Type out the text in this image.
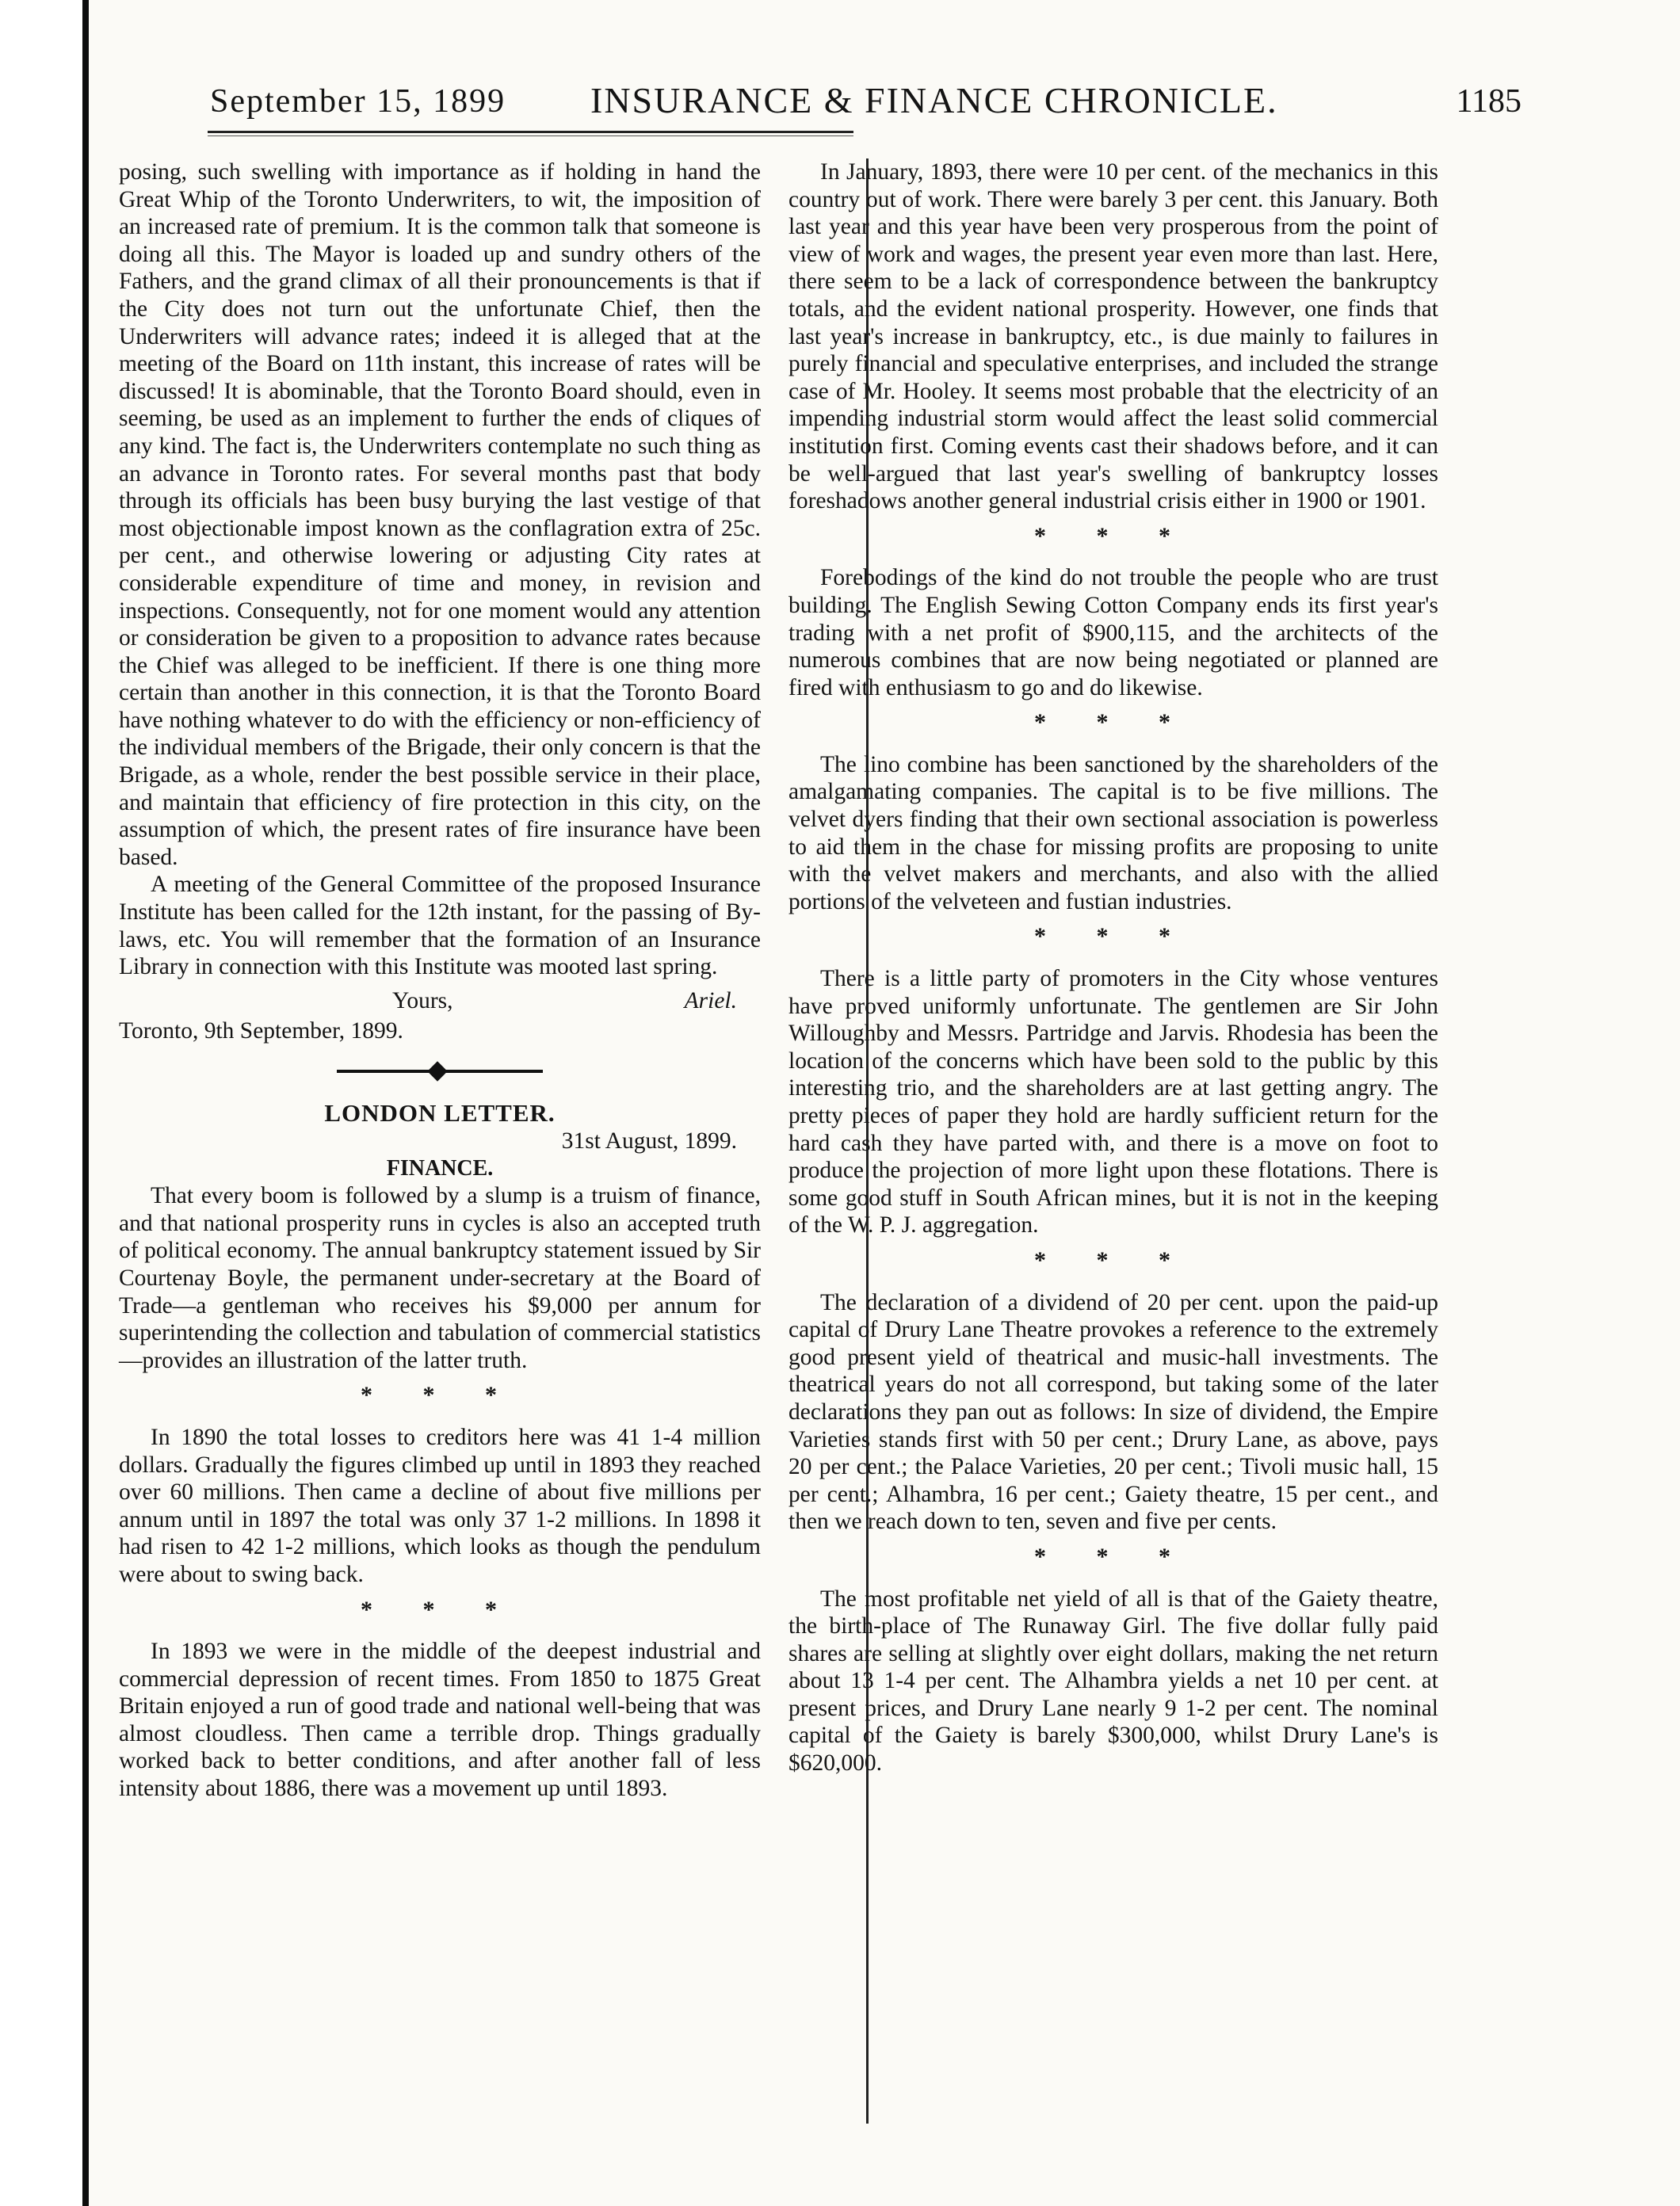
September 15, 1899 INSURANCE & FINANCE CHRONICLE.	1185

posing, such swelling with importance as if holding in hand the Great Whip of the Toronto Underwriters, to wit, the imposition of an increased rate of premium. It is the common talk that someone is doing all this. The Mayor is loaded up and sundry others of the Fathers, and the grand climax of all their pronouncements is that if the City does not turn out the unfortunate Chief, then the Underwriters will advance rates; indeed it is alleged that at the meeting of the Board on 11th instant, this increase of rates will be discussed! It is abominable, that the Toronto Board should, even in seeming, be used as an implement to further the ends of cliques of any kind. The fact is, the Underwriters contemplate no such thing as an advance in Toronto rates. For several months past that body through its officials has been busy burying the last vestige of that most objectionable impost known as the conflagration extra of 25c. per cent., and otherwise lowering or adjusting City rates at considerable expenditure of time and money, in revision and inspections. Consequently, not for one moment would any attention or consideration be given to a proposition to advance rates because the Chief was alleged to be inefficient. If there is one thing more certain than another in this connection, it is that the Toronto Board have nothing whatever to do with the efficiency or non-efficiency of the individual members of the Brigade, their only concern is that the Brigade, as a whole, render the best possible service in their place, and maintain that efficiency of fire protection in this city, on the assumption of which, the present rates of fire insurance have been based.

A meeting of the General Committee of the proposed Insurance Institute has been called for the 12th instant, for the passing of By-laws, etc. You will remember that the formation of an Insurance Library in connection with this Institute was mooted last spring.

Yours,	Ariel.

Toronto, 9th September, 1899.

LONDON LETTER.

31st August, 1899.

FINANCE.

That every boom is followed by a slump is a truism of finance, and that national prosperity runs in cycles is also an accepted truth of political economy. The annual bankruptcy statement issued by Sir Courtenay Boyle, the permanent under-secretary at the Board of Trade—a gentleman who receives his $9,000 per annum for superintending the collection and tabulation of commercial statistics—provides an illustration of the latter truth.

* * *

In 1890 the total losses to creditors here was 41 1-4 million dollars. Gradually the figures climbed up until in 1893 they reached over 60 millions. Then came a decline of about five millions per annum until in 1897 the total was only 37 1-2 millions. In 1898 it had risen to 42 1-2 millions, which looks as though the pendulum were about to swing back.

* * *

In 1893 we were in the middle of the deepest industrial and commercial depression of recent times. From 1850 to 1875 Great Britain enjoyed a run of good trade and national well-being that was almost cloudless. Then came a terrible drop. Things gradually worked back to better conditions, and after another fall of less intensity about 1886, there was a movement up until 1893.

In January, 1893, there were 10 per cent. of the mechanics in this country out of work. There were barely 3 per cent. this January. Both last year and this year have been very prosperous from the point of view of work and wages, the present year even more than last. Here, there seem to be a lack of correspondence between the bankruptcy totals, and the evident national prosperity. However, one finds that last year's increase in bankruptcy, etc., is due mainly to failures in purely financial and speculative enterprises, and included the strange case of Mr. Hooley. It seems most probable that the electricity of an impending industrial storm would affect the least solid commercial institution first. Coming events cast their shadows before, and it can be well-argued that last year's swelling of bankruptcy losses foreshadows another general industrial crisis either in 1900 or 1901.

* * *

Forebodings of the kind do not trouble the people who are trust building. The English Sewing Cotton Company ends its first year's trading with a net profit of $900,115, and the architects of the numerous combines that are now being negotiated or planned are fired with enthusiasm to go and do likewise.

* * *

The lino combine has been sanctioned by the shareholders of the amalgamating companies. The capital is to be five millions. The velvet dyers finding that their own sectional association is powerless to aid them in the chase for missing profits are proposing to unite with the velvet makers and merchants, and also with the allied portions of the velveteen and fustian industries.

* * *

There is a little party of promoters in the City whose ventures have proved uniformly unfortunate. The gentlemen are Sir John Willoughby and Messrs. Partridge and Jarvis. Rhodesia has been the location of the concerns which have been sold to the public by this interesting trio, and the shareholders are at last getting angry. The pretty pieces of paper they hold are hardly sufficient return for the hard cash they have parted with, and there is a move on foot to produce the projection of more light upon these flotations. There is some good stuff in South African mines, but it is not in the keeping of the W. P. J. aggregation.

* * *

The declaration of a dividend of 20 per cent. upon the paid-up capital of Drury Lane Theatre provokes a reference to the extremely good present yield of theatrical and music-hall investments. The theatrical years do not all correspond, but taking some of the later declarations they pan out as follows: In size of dividend, the Empire Varieties stands first with 50 per cent.; Drury Lane, as above, pays 20 per cent.; the Palace Varieties, 20 per cent.; Tivoli music hall, 15 per cent.; Alhambra, 16 per cent.; Gaiety theatre, 15 per cent., and then we reach down to ten, seven and five per cents.

* * *

The most profitable net yield of all is that of the Gaiety theatre, the birth-place of The Runaway Girl. The five dollar fully paid shares are selling at slightly over eight dollars, making the net return about 13 1-4 per cent. The Alhambra yields a net 10 per cent. at present prices, and Drury Lane nearly 9 1-2 per cent. The nominal capital of the Gaiety is barely $300,000, whilst Drury Lane's is $620,000.
